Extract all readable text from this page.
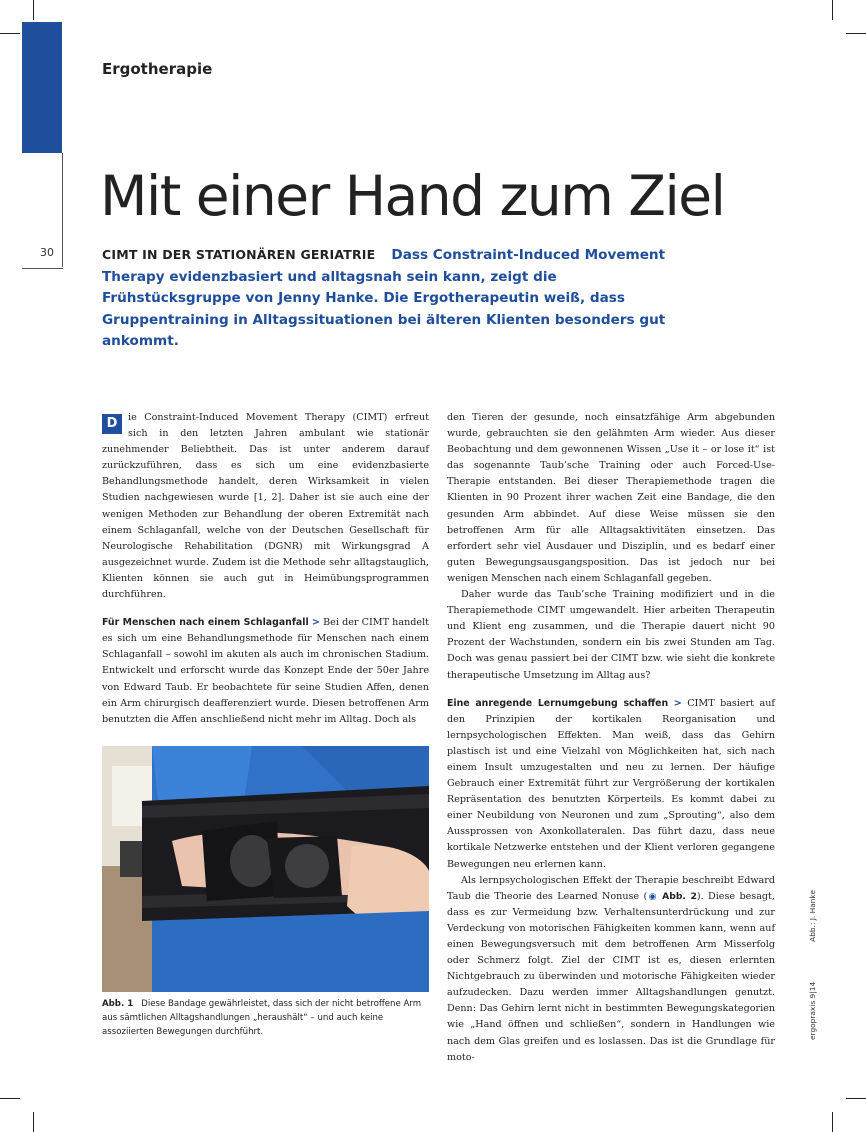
30
Ergotherapie
Mit einer Hand zum Ziel
CIMT IN DER STATIONÄREN GERIATRIE Dass Constraint-Induced Movement Therapy evidenzbasiert und alltagsnah sein kann, zeigt die Frühstücksgruppe von Jenny Hanke. Die Ergotherapeutin weiß, dass Gruppentraining in Alltagssituationen bei älteren Klienten besonders gut ankommt.

D	ie Constraint-Induced Movement Therapy (CIMT) erfreut sich in den letzten Jahren ambulant wie stationär zunehmender Beliebtheit. Das ist unter anderem darauf zurückzuführen, dass es sich um eine evidenzbasierte Behandlungsmethode handelt, deren Wirksamkeit in vielen Studien nachgewiesen wurde [1, 2]. Daher ist sie auch eine der wenigen Methoden zur Behandlung der oberen Extremität nach einem Schlaganfall, welche von der Deutschen Gesellschaft für Neurologische Rehabilitation (DGNR) mit Wirkungsgrad A ausgezeichnet wurde. Zudem ist die Methode sehr alltagstauglich, Klienten können sie auch gut in Heimübungsprogrammen durchführen.

Für Menschen nach einem Schlaganfall > Bei der CIMT handelt es sich um eine Behandlungsmethode für Menschen nach einem Schlaganfall – sowohl im akuten als auch im chronischen Stadium. Entwickelt und erforscht wurde das Konzept Ende der 50er Jahre von Edward Taub. Er beobachtete für seine Studien Affen, denen ein Arm chirurgisch deafferenziert wurde. Diesen betroffenen Arm benutzten die Affen anschließend nicht mehr im Alltag. Doch als

Abb. 1 Diese Bandage gewährleistet, dass sich der nicht betroffene Arm aus sämtlichen Alltagshandlungen „heraushält“ – und auch keine assoziierten Bewegungen durchführt.

den Tieren der gesunde, noch einsatzfähige Arm abgebunden wurde, gebrauchten sie den gelähmten Arm wieder. Aus dieser Beobachtung und dem gewonnenen Wissen „Use it – or lose it“ ist das sogenannte Taub’sche Training oder auch Forced-Use-Therapie entstanden. Bei dieser Therapiemethode tragen die Klienten in 90 Prozent ihrer wachen Zeit eine Bandage, die den gesunden Arm abbindet. Auf diese Weise müssen sie den betroffenen Arm für alle Alltagsaktivitäten einsetzen. Das erfordert sehr viel Ausdauer und Disziplin, und es bedarf einer guten Bewegungsausgangsposition. Das ist jedoch nur bei wenigen Menschen nach einem Schlaganfall gegeben.

Daher wurde das Taub’sche Training modifiziert und in die Therapiemethode CIMT umgewandelt. Hier arbeiten Therapeutin und Klient eng zusammen, und die Therapie dauert nicht 90 Prozent der Wachstunden, sondern ein bis zwei Stunden am Tag. Doch was genau passiert bei der CIMT bzw. wie sieht die konkrete therapeutische Umsetzung im Alltag aus?

Eine anregende Lernumgebung schaffen > CIMT basiert auf den Prinzipien der kortikalen Reorganisation und lernpsychologischen Effekten. Man weiß, dass das Gehirn plastisch ist und eine Vielzahl von Möglichkeiten hat, sich nach einem Insult umzugestalten und neu zu lernen. Der häufige Gebrauch einer Extremität führt zur Vergrößerung der kortikalen Repräsentation des benutzten Körperteils. Es kommt dabei zu einer Neubildung von Neuronen und zum „Sprouting“, also dem Aussprossen von Axonkollateralen. Das führt dazu, dass neue kortikale Netzwerke entstehen und der Klient verloren gegangene Bewegungen neu erlernen kann.

Als lernpsychologischen Effekt der Therapie beschreibt Edward Taub die Theorie des Learned Nonuse (◉ Abb. 2). Diese besagt, dass es zur Vermeidung bzw. Verhaltensunterdrückung und zur Verdeckung von motorischen Fähigkeiten kommen kann, wenn auf einen Bewegungsversuch mit dem betroffenen Arm Misserfolg oder Schmerz folgt. Ziel der CIMT ist es, diesen erlernten Nichtgebrauch zu überwinden und motorische Fähigkeiten wieder aufzudecken. Dazu werden immer Alltagshandlungen genutzt. Denn: Das Gehirn lernt nicht in bestimmten Bewegungskategorien wie „Hand öffnen und schließen“, sondern in Handlungen wie nach dem Glas greifen und es loslassen. Das ist die Grundlage für moto-

ergopraxis 9|14Abb.: J. Hanke
